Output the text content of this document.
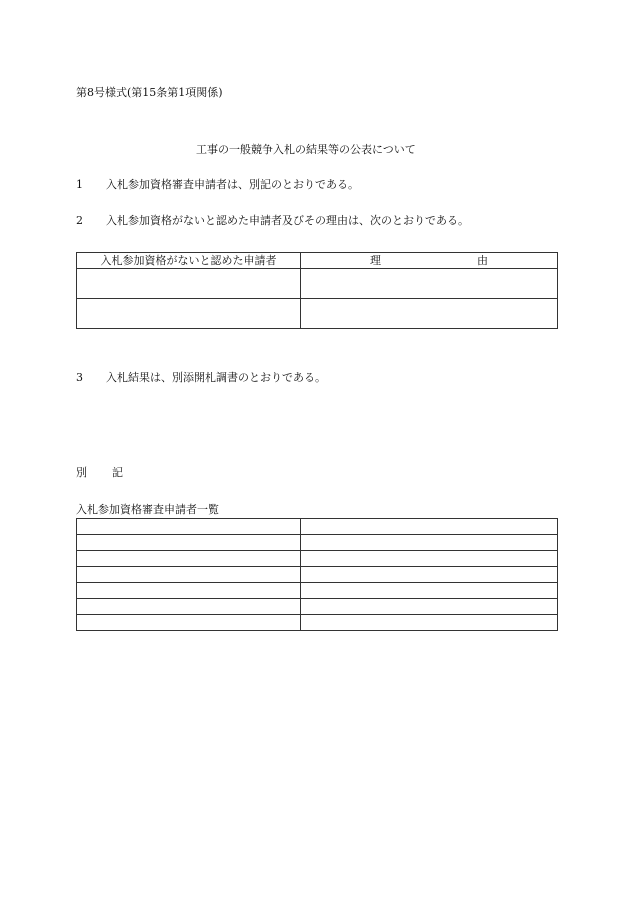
第8号様式(第15条第1項関係)
工事の一般競争入札の結果等の公表について
1 入札参加資格審査申請者は、別記のとおりである。
2 入札参加資格がないと認めた申請者及びその理由は、次のとおりである。
入札参加資格がないと認めた申請者	理 由

3 入札結果は、別添開札調書のとおりである。
別 記
入札参加資格審査申請者一覧
